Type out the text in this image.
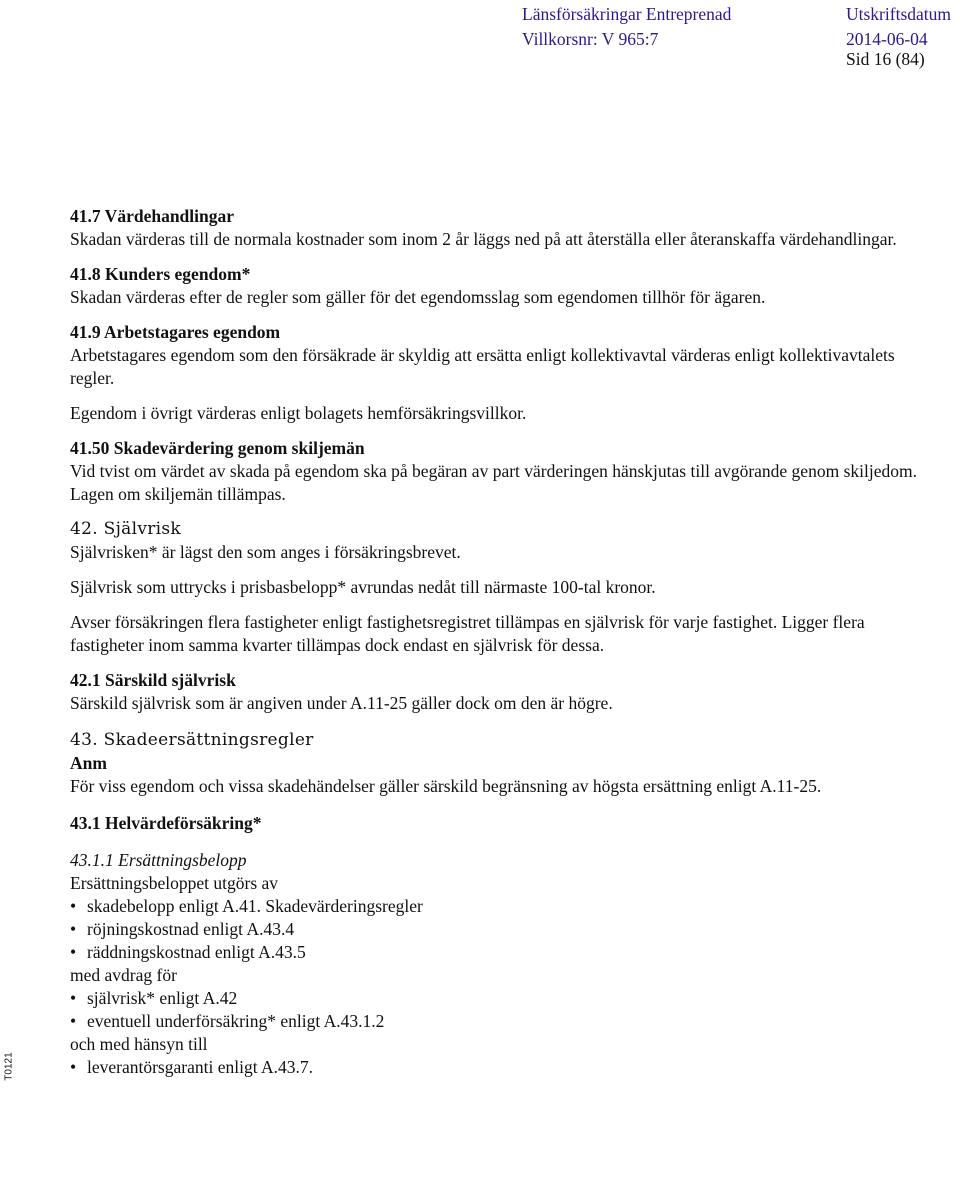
Länsförsäkringar Entreprenad
Villkorsnr: V 965:7
Utskriftsdatum
2014-06-04
Sid 16 (84)
T0121
41.7 Värdehandlingar

Skadan värderas till de normala kostnader som inom 2 år läggs ned på att återställa eller återanskaffa värdehandlingar.

41.8 Kunders egendom*

Skadan värderas efter de regler som gäller för det egendomsslag som egendomen tillhör för ägaren.

41.9 Arbetstagares egendom

Arbetstagares egendom som den försäkrade är skyldig att ersätta enligt kollektivavtal värderas enligt kollektivavtalets regler.

Egendom i övrigt värderas enligt bolagets hemförsäkringsvillkor.

41.50 Skadevärdering genom skiljemän

Vid tvist om värdet av skada på egendom ska på begäran av part värderingen hänskjutas till avgörande genom skiljedom. Lagen om skiljemän tillämpas.

42. Självrisk

Självrisken* är lägst den som anges i försäkringsbrevet.

Självrisk som uttrycks i prisbasbelopp* avrundas nedåt till närmaste 100-tal kronor.

Avser försäkringen flera fastigheter enligt fastighetsregistret tillämpas en självrisk för varje fastighet. Ligger flera fastigheter inom samma kvarter tillämpas dock endast en självrisk för dessa.

42.1 Särskild självrisk

Särskild självrisk som är angiven under A.11-25 gäller dock om den är högre.

43. Skadeersättningsregler
Anm

För viss egendom och vissa skadehändelser gäller särskild begränsning av högsta ersättning enligt A.11-25.

43.1 Helvärdeförsäkring*
43.1.1 Ersättningsbelopp

Ersättningsbeloppet utgörs av

• skadebelopp enligt A.41. Skadevärderingsregler
• röjningskostnad enligt A.43.4
• räddningskostnad enligt A.43.5

med avdrag för

• självrisk* enligt A.42
• eventuell underförsäkring* enligt A.43.1.2

och med hänsyn till

• leverantörsgaranti enligt A.43.7.
